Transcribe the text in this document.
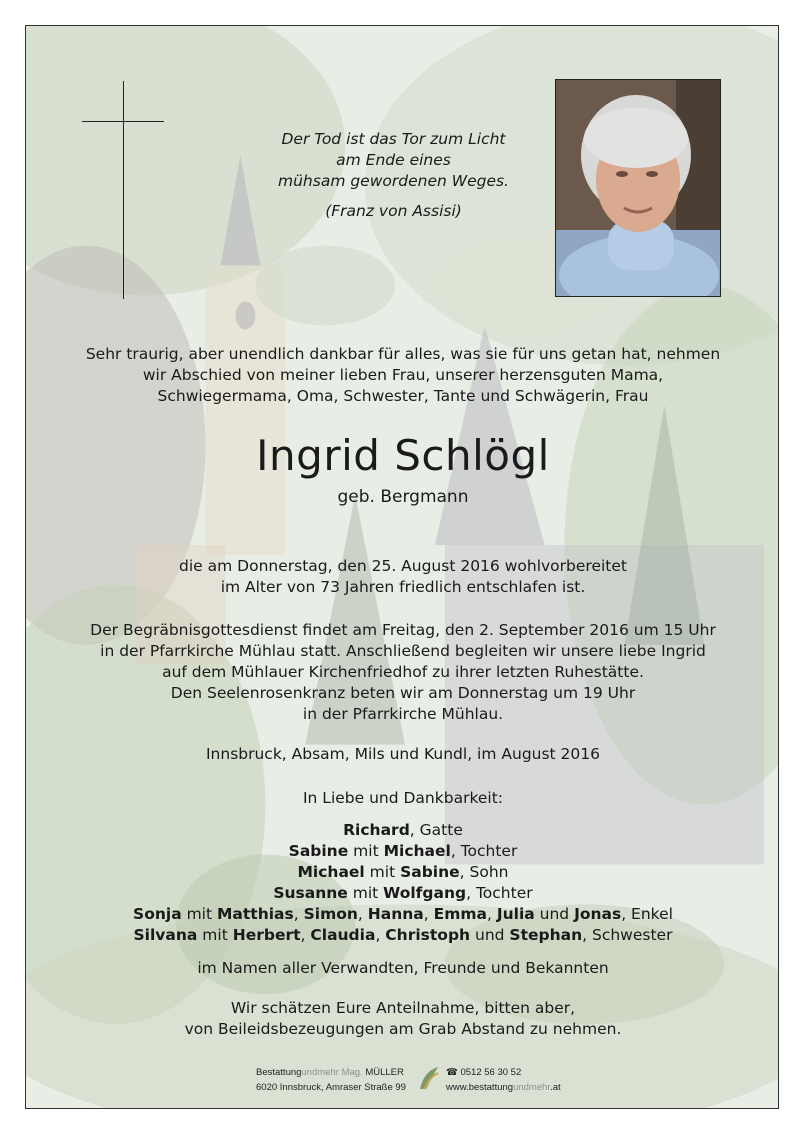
Der Tod ist das Tor zum Licht
am Ende eines
mühsam gewordenen Weges.
(Franz von Assisi)
Sehr traurig, aber unendlich dankbar für alles, was sie für uns getan hat, nehmen
wir Abschied von meiner lieben Frau, unserer herzensguten Mama,
Schwiegermama, Oma, Schwester, Tante und Schwägerin, Frau
Ingrid Schlögl
geb. Bergmann
die am Donnerstag, den 25. August 2016 wohlvorbereitet
im Alter von 73 Jahren friedlich entschlafen ist.
Der Begräbnisgottesdienst findet am Freitag, den 2. September 2016 um 15 Uhr
in der Pfarrkirche Mühlau statt. Anschließend begleiten wir unsere liebe Ingrid
auf dem Mühlauer Kirchenfriedhof zu ihrer letzten Ruhestätte.
Den Seelenrosenkranz beten wir am Donnerstag um 19 Uhr
in der Pfarrkirche Mühlau.
Innsbruck, Absam, Mils und Kundl, im August 2016
In Liebe und Dankbarkeit:
Richard, Gatte
Sabine mit Michael, Tochter
Michael mit Sabine, Sohn
Susanne mit Wolfgang, Tochter
Sonja mit Matthias, Simon, Hanna, Emma, Julia und Jonas, Enkel
Silvana mit Herbert, Claudia, Christoph und Stephan, Schwester
im Namen aller Verwandten, Freunde und Bekannten
Wir schätzen Eure Anteilnahme, bitten aber,
von Beileidsbezeugungen am Grab Abstand zu nehmen.
Bestattungundmehr Mag. MÜLLER
6020 Innsbruck, Amraser Straße 99
☎ 0512 56 30 52
www.bestattungundmehr.at
